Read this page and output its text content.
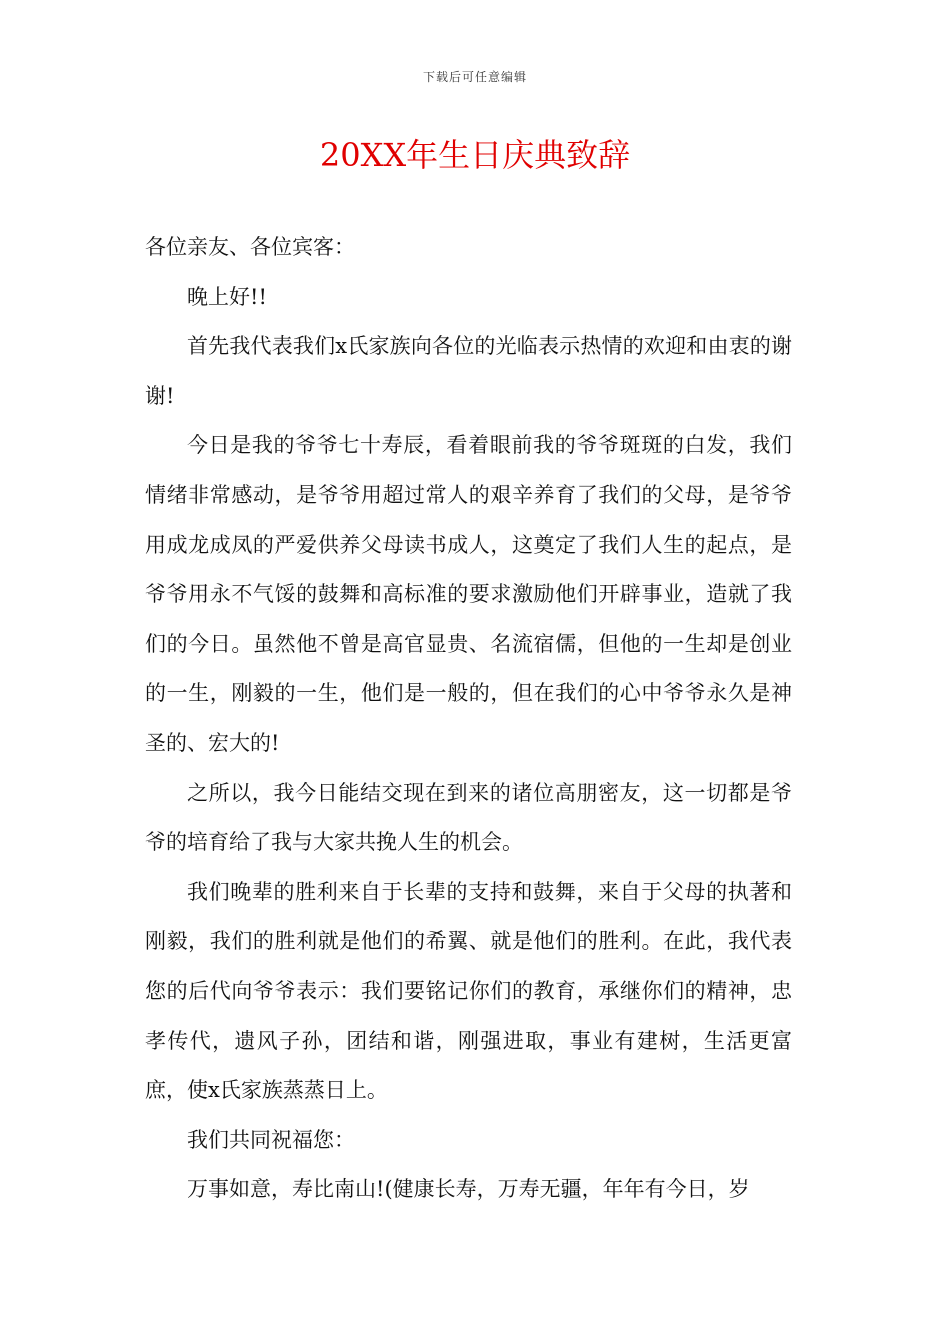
下载后可任意编辑
20XX年生日庆典致辞

各位亲友、各位宾客：

晚上好!!

首先我代表我们x氏家族向各位的光临表示热情的欢迎和由衷的谢谢!

今日是我的爷爷七十寿辰，看着眼前我的爷爷斑斑的白发，我们情绪非常感动，是爷爷用超过常人的艰辛养育了我们的父母，是爷爷用成龙成凤的严爱供养父母读书成人，这奠定了我们人生的起点，是爷爷用永不气馁的鼓舞和高标准的要求激励他们开辟事业，造就了我们的今日。虽然他不曾是高官显贵、名流宿儒，但他的一生却是创业的一生，刚毅的一生，他们是一般的，但在我们的心中爷爷永久是神圣的、宏大的!

之所以，我今日能结交现在到来的诸位高朋密友，这一切都是爷爷的培育给了我与大家共挽人生的机会。

我们晚辈的胜利来自于长辈的支持和鼓舞，来自于父母的执著和刚毅，我们的胜利就是他们的希翼、就是他们的胜利。在此，我代表您的后代向爷爷表示：我们要铭记你们的教育，承继你们的精神，忠孝传代，遗风子孙，团结和谐，刚强进取，事业有建树，生活更富庶，使x氏家族蒸蒸日上。

我们共同祝福您：

万事如意，寿比南山!(健康长寿，万寿无疆，年年有今日，岁
